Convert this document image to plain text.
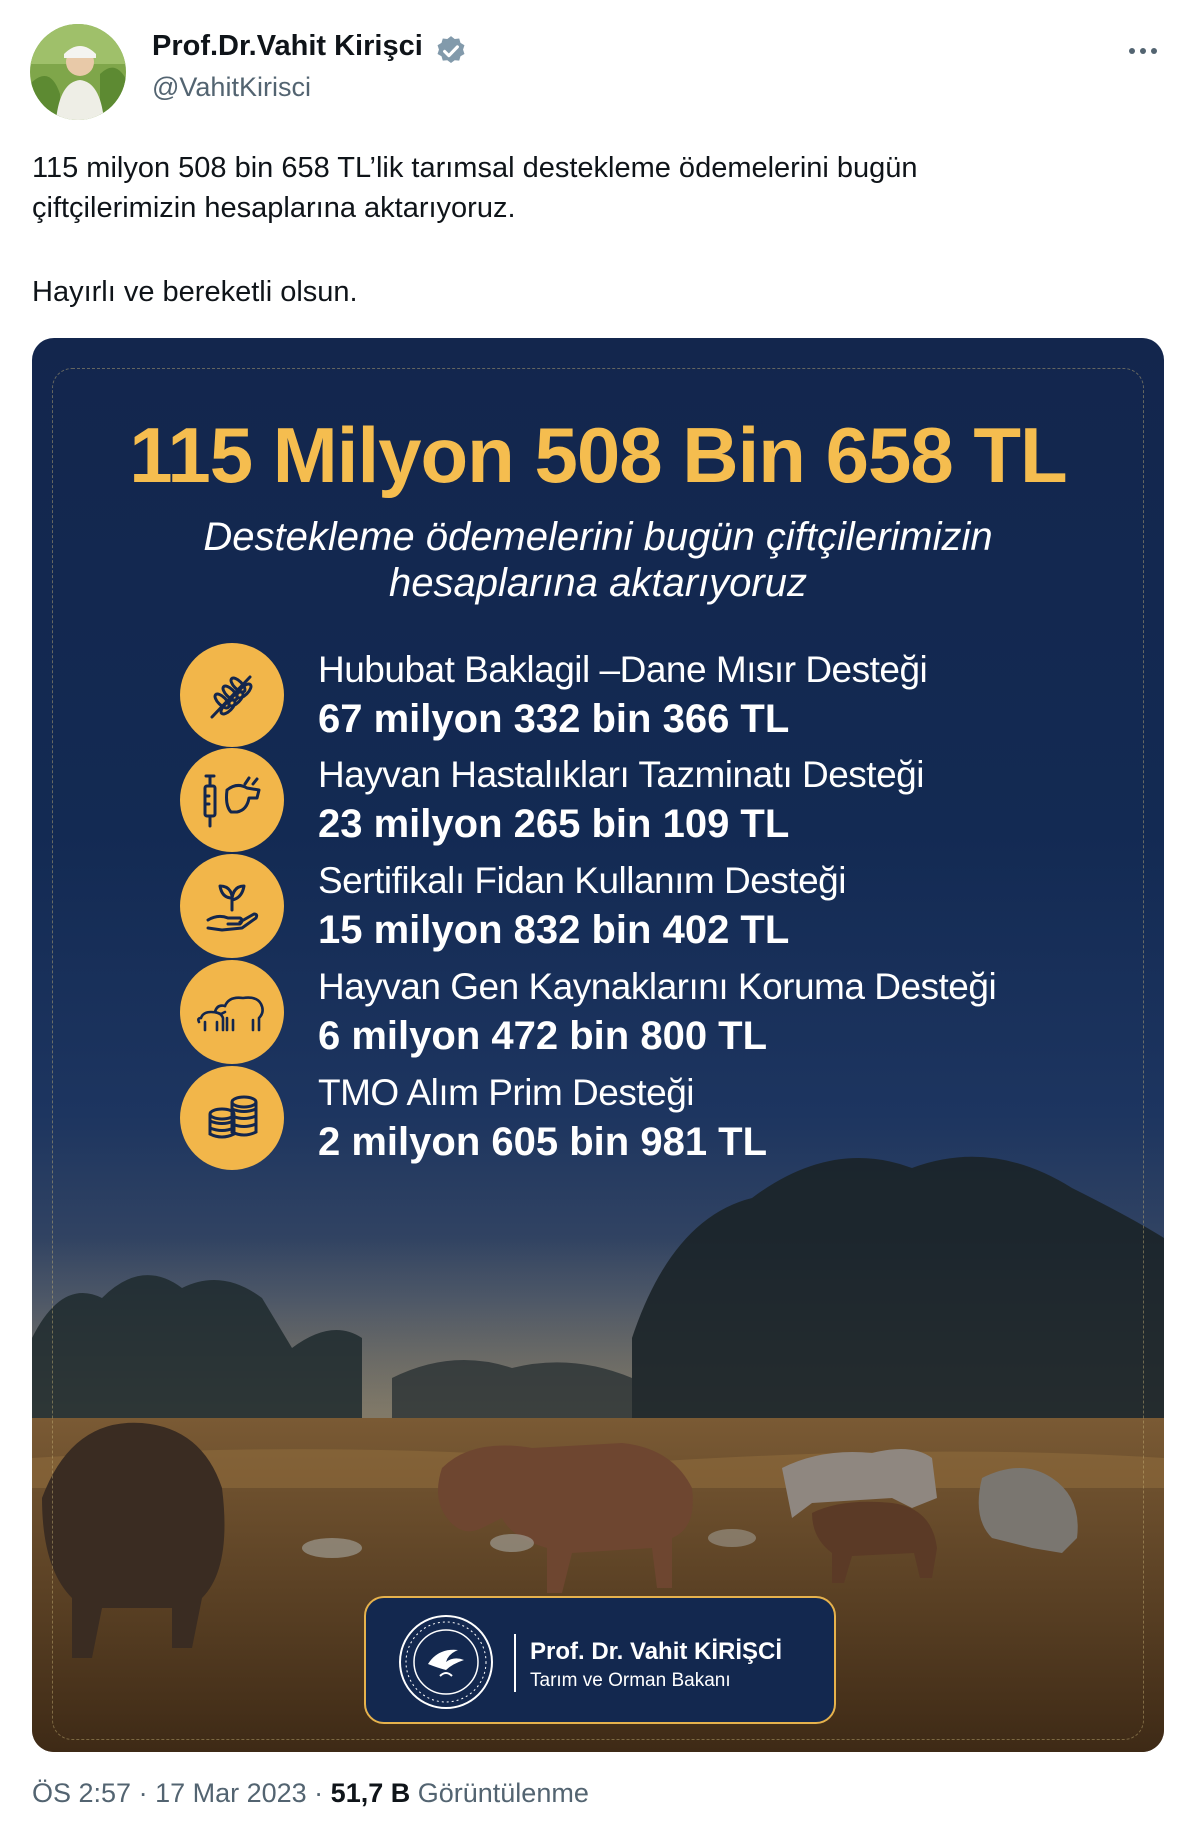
Prof.Dr.Vahit Kirişci
@VahitKirisci

115 milyon 508 bin 658 TL’lik tarımsal destekleme ödemelerini bugün

çiftçilerimizin hesaplarına aktarıyoruz.

Hayırlı ve bereketli olsun.

115 Milyon 508 Bin 658 TL
Destekleme ödemelerini bugün çiftçilerimizin
hesaplarına aktarıyoruz
Hububat Baklagil –Dane Mısır Desteği
67 milyon 332 bin 366 TL
Hayvan Hastalıkları Tazminatı Desteği
23 milyon 265 bin 109 TL
Sertifikalı Fidan Kullanım Desteği
15 milyon 832 bin 402 TL
Hayvan Gen Kaynaklarını Koruma Desteği
6 milyon 472 bin 800 TL
TMO Alım Prim Desteği
2 milyon 605 bin 981 TL
Prof. Dr. Vahit KİRİŞCİ
Tarım ve Orman Bakanı
ÖS 2:57 · 17 Mar 2023 · 51,7 B Görüntülenme
